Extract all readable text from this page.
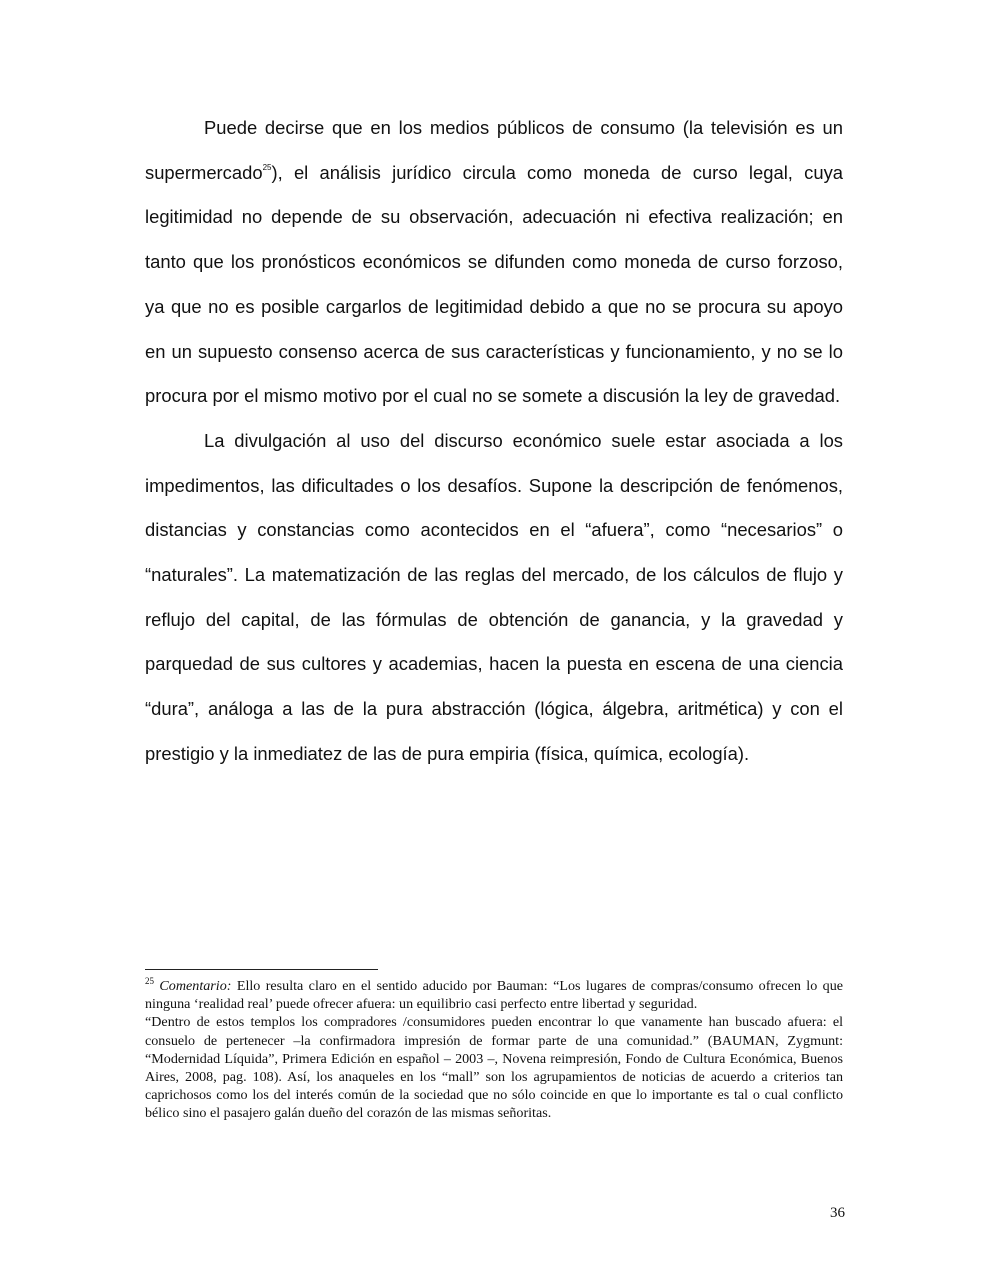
Puede decirse que en los medios públicos de consumo (la televisión es un supermercado$^{25}$), el análisis jurídico circula como moneda de curso legal, cuya legitimidad no depende de su observación, adecuación ni efectiva realización; en tanto que los pronósticos económicos se difunden como moneda de curso forzoso, ya que no es posible cargarlos de legitimidad debido a que no se procura su apoyo en un supuesto consenso acerca de sus características y funcionamiento, y no se lo procura por el mismo motivo por el cual no se somete a discusión la ley de gravedad.

La divulgación al uso del discurso económico suele estar asociada a los impedimentos, las dificultades o los desafíos. Supone la descripción de fenómenos, distancias y constancias como acontecidos en el “afuera”, como “necesarios” o “naturales”. La matematización de las reglas del mercado, de los cálculos de flujo y reflujo del capital, de las fórmulas de obtención de ganancia, y la gravedad y parquedad de sus cultores y academias, hacen la puesta en escena de una ciencia “dura”, análoga a las de la pura abstracción (lógica, álgebra, aritmética) y con el prestigio y la inmediatez de las de pura empiria (física, química, ecología).

$^{25}$ Comentario: Ello resulta claro en el sentido aducido por Bauman: “Los lugares de compras/consumo ofrecen lo que ninguna ‘realidad real’ puede ofrecer afuera: un equilibrio casi perfecto entre libertad y seguridad.

“Dentro de estos templos los compradores /consumidores pueden encontrar lo que vanamente han buscado afuera: el consuelo de pertenecer –la confirmadora impresión de formar parte de una comunidad.” (BAUMAN, Zygmunt: “Modernidad Líquida”, Primera Edición en español – 2003 –, Novena reimpresión, Fondo de Cultura Económica, Buenos Aires, 2008, pag. 108). Así, los anaqueles en los “mall” son los agrupamientos de noticias de acuerdo a criterios tan caprichosos como los del interés común de la sociedad que no sólo coincide en que lo importante es tal o cual conflicto bélico sino el pasajero galán dueño del corazón de las mismas señoritas.

36
